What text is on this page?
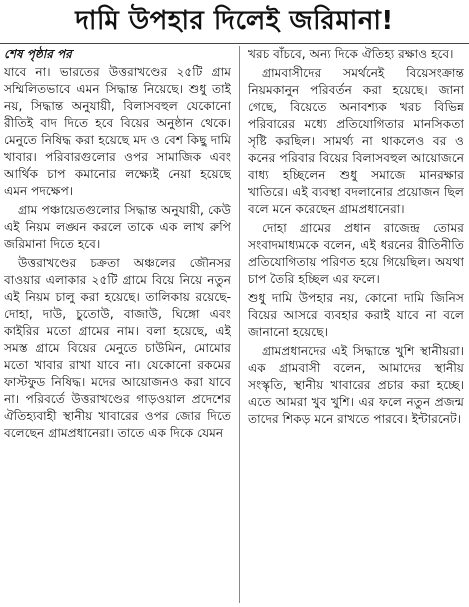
দামি উপহার দিলেই জরিমানা!
শেষ পৃষ্ঠার পর

যাবে না। ভারতের উত্তরাখণ্ডের ২৫টি গ্রাম সম্মিলিতভাবে এমন সিদ্ধান্ত নিয়েছে। শুধু তাই নয়, সিদ্ধান্ত অনুযায়ী, বিলাসবহুল যেকোনো রীতিই বাদ দিতে হবে বিয়ের অনুষ্ঠান থেকে। মেনুতে নিষিদ্ধ করা হয়েছে মদ ও বেশ কিছু দামি খাবার। পরিবারগুলোর ওপর সামাজিক এবং আর্থিক চাপ কমানোর লক্ষ্যেই নেয়া হয়েছে এমন পদক্ষেপ।

গ্রাম পঞ্চায়েতগুলোর সিদ্ধান্ত অনুযায়ী, কেউ এই নিয়ম লঙ্ঘন করলে তাকে এক লাখ রুপি জরিমানা দিতে হবে।

উত্তরাখণ্ডের চক্রতা অঞ্চলের জৌনসর বাওয়ার এলাকার ২৫টি গ্রামে বিয়ে নিয়ে নতুন এই নিয়ম চালু করা হয়েছে। তালিকায় রয়েছে- দোহা, দাউ, চুতোউ, বাজাউ, ঘিঙ্গো এবং কাইরির মতো গ্রামের নাম। বলা হয়েছে, এই সমস্ত গ্রামে বিয়ের মেনুতে চাউমিন, মোমোর মতো খাবার রাখা যাবে না। যেকোনো রকমের ফাস্টফুড নিষিদ্ধ। মদের আয়োজনও করা যাবে না। পরিবর্তে উত্তরাখণ্ডের গাড়ওয়াল প্রদেশের ঐতিহ্যবাহী স্থানীয় খাবারের ওপর জোর দিতে বলেছেন গ্রামপ্রধানেরা। তাতে এক দিকে যেমন

খরচ বাঁচবে, অন্য দিকে ঐতিহ্য রক্ষাও হবে।

গ্রামবাসীদের সমর্থনেই বিয়েসংক্রান্ত নিয়মকানুন পরিবর্তন করা হয়েছে। জানা গেছে, বিয়েতে অনাবশ্যক খরচ বিভিন্ন পরিবারের মধ্যে প্রতিযোগিতার মানসিকতা সৃষ্টি করছিল। সামর্থ্য না থাকলেও বর ও কনের পরিবার বিয়ের বিলাসবহুল আয়োজনে বাধ্য হচ্ছিলেন শুধু সমাজে মানরক্ষার খাতিরে। এই ব্যবস্থা বদলানোর প্রয়োজন ছিল বলে মনে করেছেন গ্রামপ্রধানেরা।

দোহা গ্রামের প্রধান রাজেন্দ্র তোমর সংবাদমাধ্যমকে বলেন, এই ধরনের রীতিনীতি প্রতিযোগিতায় পরিণত হয়ে গিয়েছিল। অযথা চাপ তৈরি হচ্ছিল এর ফলে।

শুধু দামি উপহার নয়, কোনো দামি জিনিস বিয়ের আসরে ব্যবহার করাই যাবে না বলে জানানো হয়েছে।

গ্রামপ্রধানদের এই সিদ্ধান্তে খুশি স্থানীয়রা। এক গ্রামবাসী বলেন, আমাদের স্থানীয় সংস্কৃতি, স্থানীয় খাবারের প্রচার করা হচ্ছে। এতে আমরা খুব খুশি। এর ফলে নতুন প্রজন্ম তাদের শিকড় মনে রাখতে পারবে। ইন্টারনেট।
